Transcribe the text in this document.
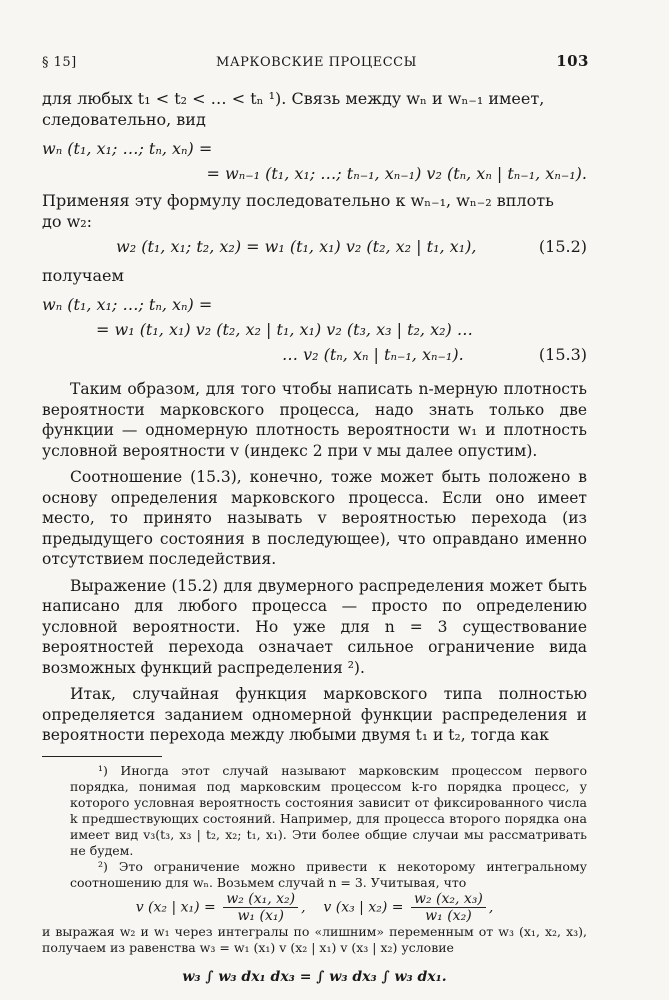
§ 15]	МАРКОВСКИЕ ПРОЦЕССЫ	103
для любых t₁ < t₂ < … < tₙ ¹). Связь между wₙ и wₙ₋₁ имеет,
следовательно, вид
wₙ (t₁, x₁; …; tₙ, xₙ) =
= wₙ₋₁ (t₁, x₁; …; tₙ₋₁, xₙ₋₁) v₂ (tₙ, xₙ | tₙ₋₁, xₙ₋₁).
Применяя эту формулу последовательно к wₙ₋₁, wₙ₋₂ вплоть
до w₂:
w₂ (t₁, x₁; t₂, x₂) = w₁ (t₁, x₁) v₂ (t₂, x₂ | t₁, x₁),	(15.2)
получаем
wₙ (t₁, x₁; …; tₙ, xₙ) =
= w₁ (t₁, x₁) v₂ (t₂, x₂ | t₁, x₁) v₂ (t₃, x₃ | t₂, x₂) …
… v₂ (tₙ, xₙ | tₙ₋₁, xₙ₋₁).	(15.3)

Таким образом, для того чтобы написать n-мерную плотность вероятности марковского процесса, надо знать только две функции — одномерную плотность вероятности w₁ и плотность условной вероятности v (индекс 2 при v мы далее опустим).

Соотношение (15.3), конечно, тоже может быть положено в основу определения марковского процесса. Если оно имеет место, то принято называть v вероятностью перехода (из предыдущего состояния в последующее), что оправдано именно отсутствием последействия.

Выражение (15.2) для двумерного распределения может быть написано для любого процесса — просто по определению условной вероятности. Но уже для n = 3 существование вероятностей перехода означает сильное ограничение вида возможных функций распределения ²).

Итак, случайная функция марковского типа полностью определяется заданием одномерной функции распределения и вероятности перехода между любыми двумя t₁ и t₂, тогда как

¹) Иногда этот случай называют марковским процессом первого порядка, понимая под марковским процессом k-го порядка процесс, у которого условная вероятность состояния зависит от фиксированного числа k предшествующих состояний. Например, для процесса второго порядка она имеет вид v₃(t₃, x₃ | t₂, x₂; t₁, x₁). Эти более общие случаи мы рассматривать не будем.

²) Это ограничение можно привести к некоторому интегральному соотношению для wₙ. Возьмем случай n = 3. Учитывая, что

v (x₂ | $x_1) = \frac{\text{w₂ (x₁, x₂)}}{\text{w₁ (x₁)}}$ ,    v (x₃ | $x_2) = \frac{\text{w₂ (x₂, x₃)}}{\text{w₁ (x₂)}}$ ,

и выражая w₂ и w₁ через интегралы по «лишним» переменным от w₃ (x₁, x₂, x₃), получаем из равенства w₃ = w₁ (x₁) v (x₂ | x₁) v (x₃ | x₂) условие

w₃ ∫ w₃ dx₁ dx₃ = ∫ w₃ dx₃ ∫ w₃ dx₁.
